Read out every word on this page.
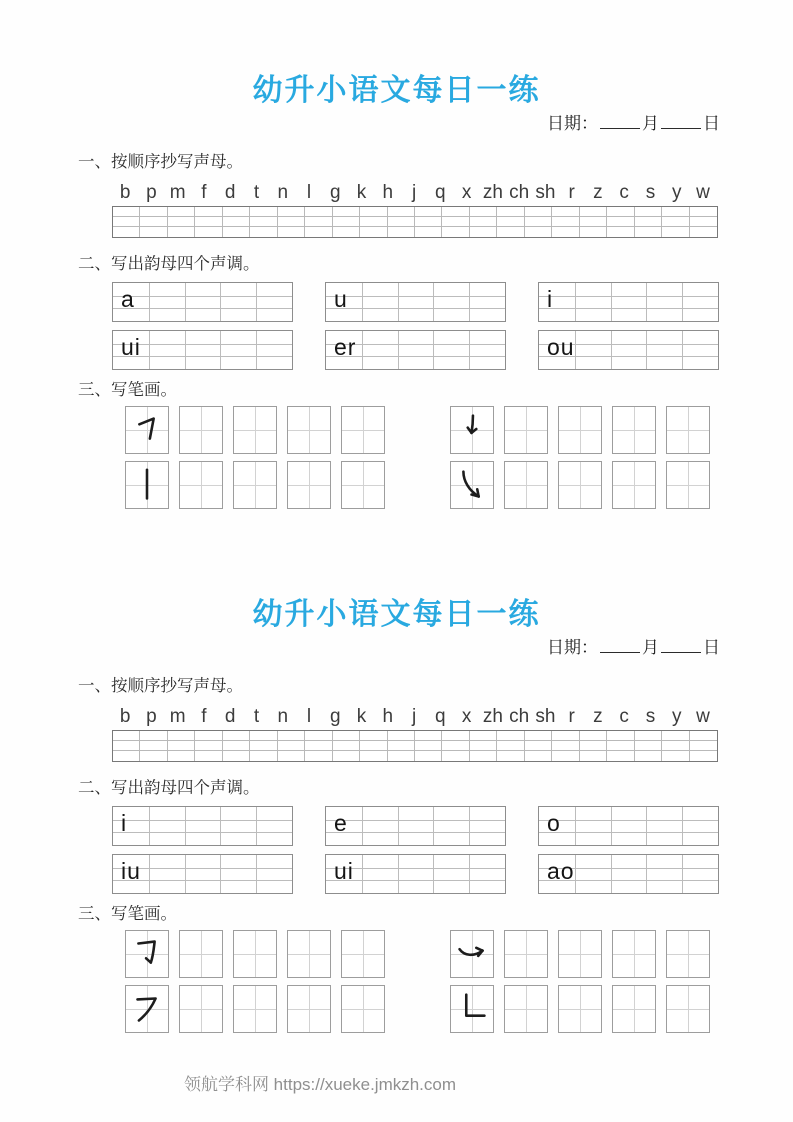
幼升小语文每日一练
日期：	月	日
一、按顺序抄写声母。
b p m f d t n l g k h j q x zh ch sh r z c s y w
二、写出韵母四个声调。
a	u	i
ui	er	ou
三、写笔画。
幼升小语文每日一练
日期：	月	日
一、按顺序抄写声母。
b p m f d t n l g k h j q x zh ch sh r z c s y w
二、写出韵母四个声调。
i	e	o
iu	ui	ao
三、写笔画。
领航学科网 https://xueke.jmkzh.com
